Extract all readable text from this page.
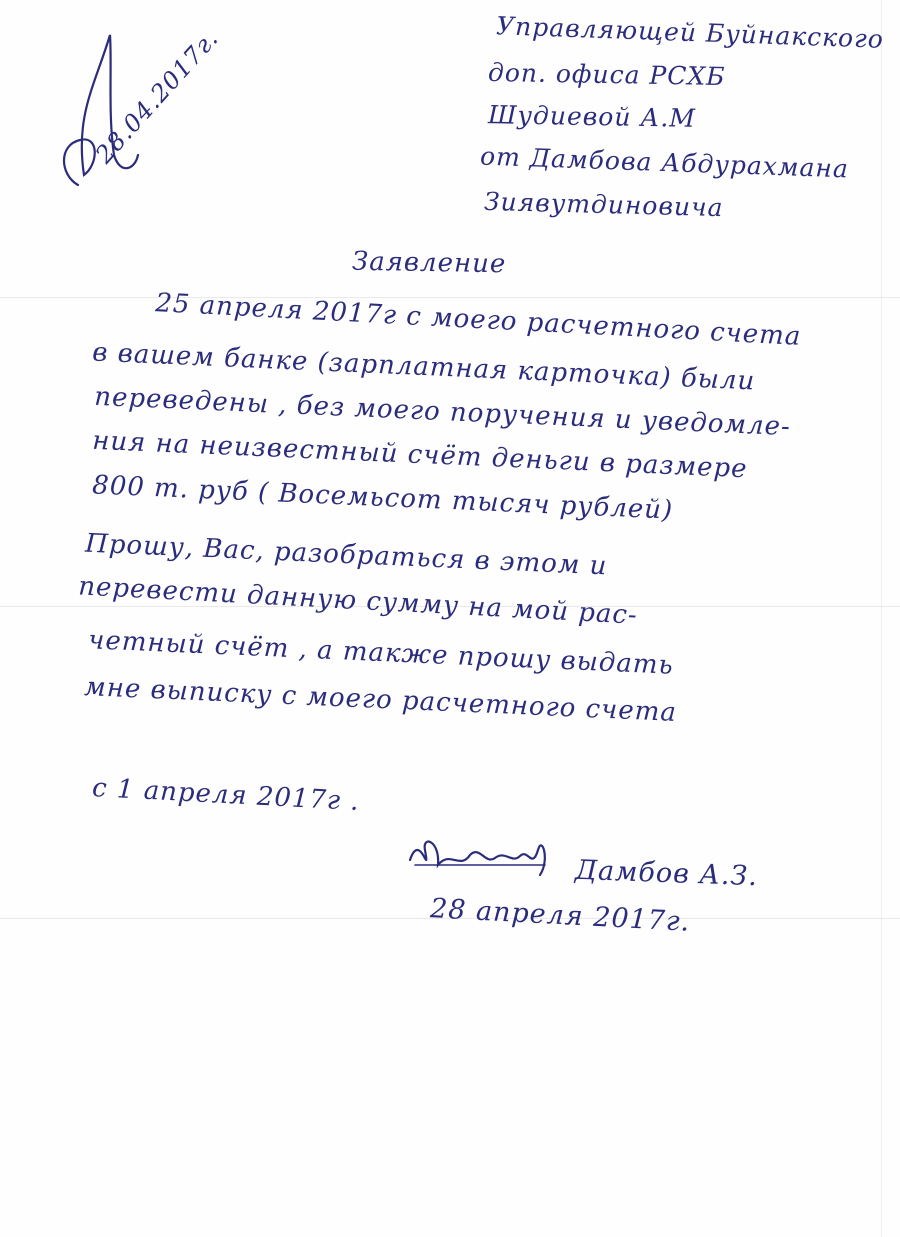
28.04.2017г.	Управляющей Буйнакского
доп. офиса РСХБ
Шудиевой А.М
от Дамбова Абдурахмана
Зиявутдиновича
Заявление
25 апреля 2017г с моего расчетного счета
в вашем банке (зарплатная карточка) были
переведены , без моего поручения и уведомле-
ния на неизвестный счёт деньги в размере
800 т. руб ( Восемьсот тысяч рублей)
Прошу, Вас, разобраться в этом и
перевести данную сумму на мой рас-
четный счёт , а также прошу выдать
мне выписку с моего расчетного счета
с 1 апреля 2017г .
Дамбов А.З.
28 апреля 2017г.
